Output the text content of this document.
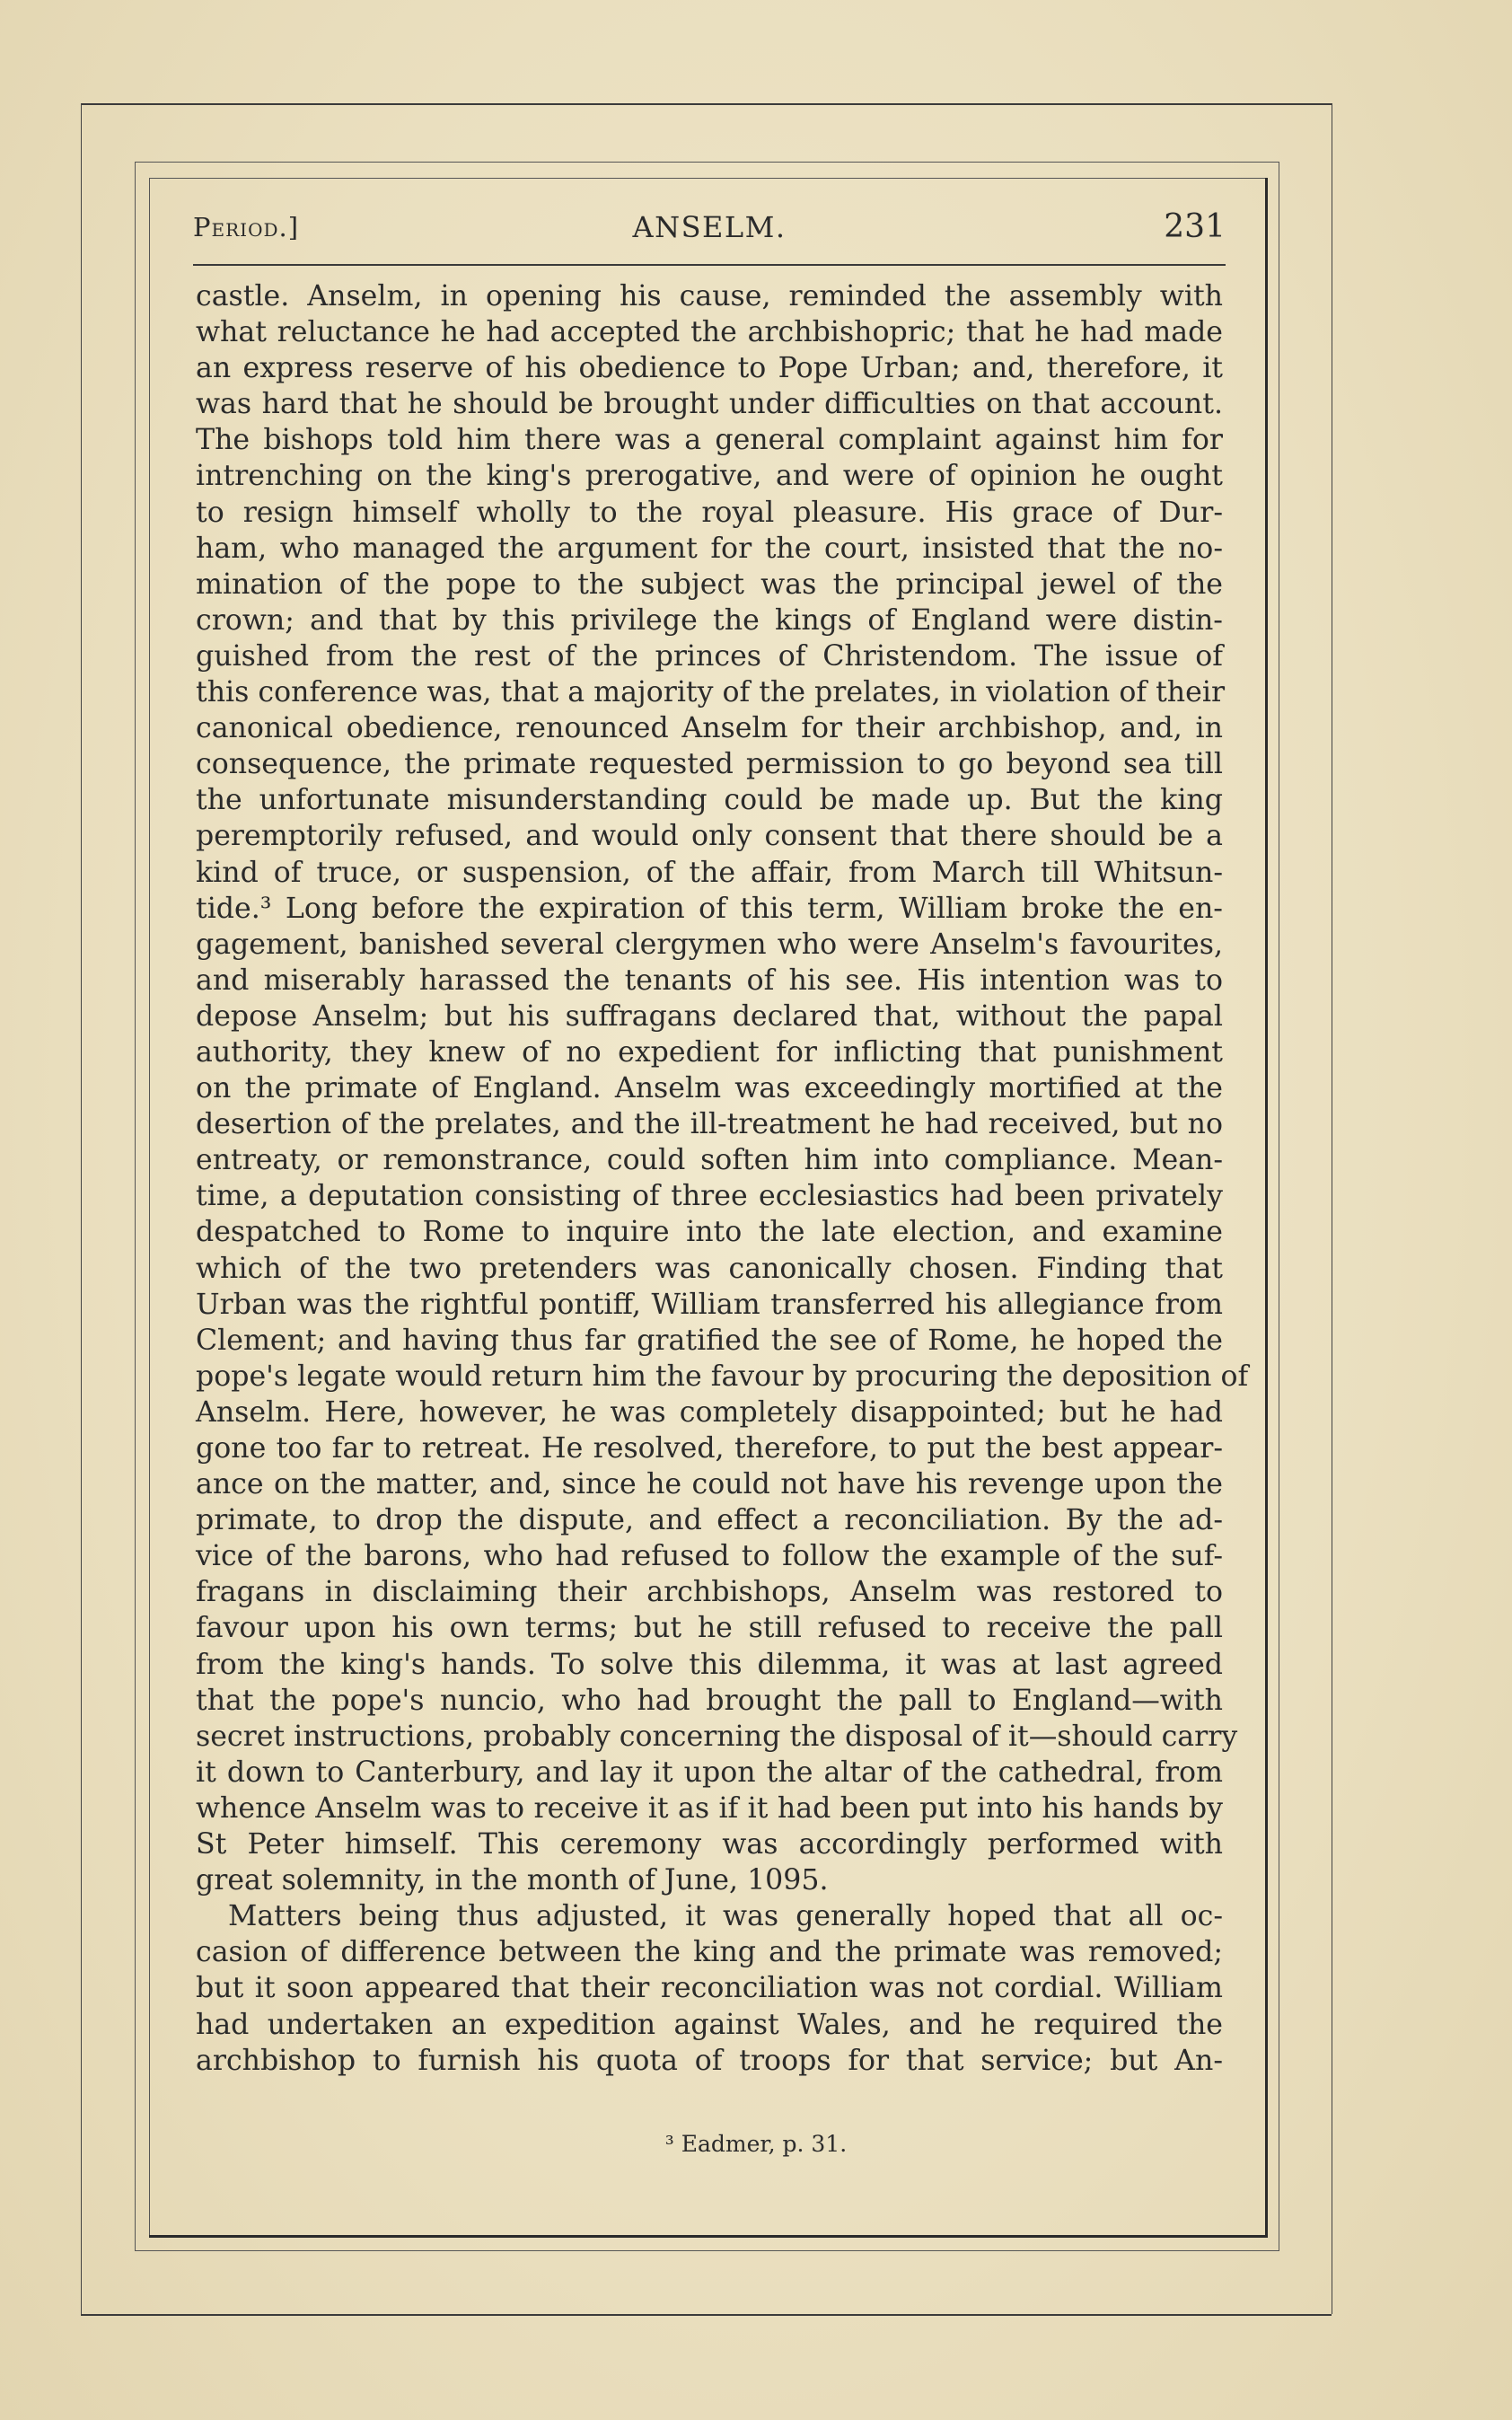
Period.]	ANSELM.	231
castle. Anselm, in opening his cause, reminded the assembly with
what reluctance he had accepted the archbishopric; that he had made
an express reserve of his obedience to Pope Urban; and, therefore, it
was hard that he should be brought under difficulties on that account.
The bishops told him there was a general complaint against him for
intrenching on the king's prerogative, and were of opinion he ought
to resign himself wholly to the royal pleasure. His grace of Dur-
ham, who managed the argument for the court, insisted that the no-
mination of the pope to the subject was the principal jewel of the
crown; and that by this privilege the kings of England were distin-
guished from the rest of the princes of Christendom. The issue of
this conference was, that a majority of the prelates, in violation of their
canonical obedience, renounced Anselm for their archbishop, and, in
consequence, the primate requested permission to go beyond sea till
the unfortunate misunderstanding could be made up. But the king
peremptorily refused, and would only consent that there should be a
kind of truce, or suspension, of the affair, from March till Whitsun-
tide.³ Long before the expiration of this term, William broke the en-
gagement, banished several clergymen who were Anselm's favourites,
and miserably harassed the tenants of his see. His intention was to
depose Anselm; but his suffragans declared that, without the papal
authority, they knew of no expedient for inflicting that punishment
on the primate of England. Anselm was exceedingly mortified at the
desertion of the prelates, and the ill-treatment he had received, but no
entreaty, or remonstrance, could soften him into compliance. Mean-
time, a deputation consisting of three ecclesiastics had been privately
despatched to Rome to inquire into the late election, and examine
which of the two pretenders was canonically chosen. Finding that
Urban was the rightful pontiff, William transferred his allegiance from
Clement; and having thus far gratified the see of Rome, he hoped the
pope's legate would return him the favour by procuring the deposition of
Anselm. Here, however, he was completely disappointed; but he had
gone too far to retreat. He resolved, therefore, to put the best appear-
ance on the matter, and, since he could not have his revenge upon the
primate, to drop the dispute, and effect a reconciliation. By the ad-
vice of the barons, who had refused to follow the example of the suf-
fragans in disclaiming their archbishops, Anselm was restored to
favour upon his own terms; but he still refused to receive the pall
from the king's hands. To solve this dilemma, it was at last agreed
that the pope's nuncio, who had brought the pall to England—with
secret instructions, probably concerning the disposal of it—should carry
it down to Canterbury, and lay it upon the altar of the cathedral, from
whence Anselm was to receive it as if it had been put into his hands by
St Peter himself. This ceremony was accordingly performed with
great solemnity, in the month of June, 1095.
Matters being thus adjusted, it was generally hoped that all oc-
casion of difference between the king and the primate was removed;
but it soon appeared that their reconciliation was not cordial. William
had undertaken an expedition against Wales, and he required the
archbishop to furnish his quota of troops for that service; but An-
³ Eadmer, p. 31.
